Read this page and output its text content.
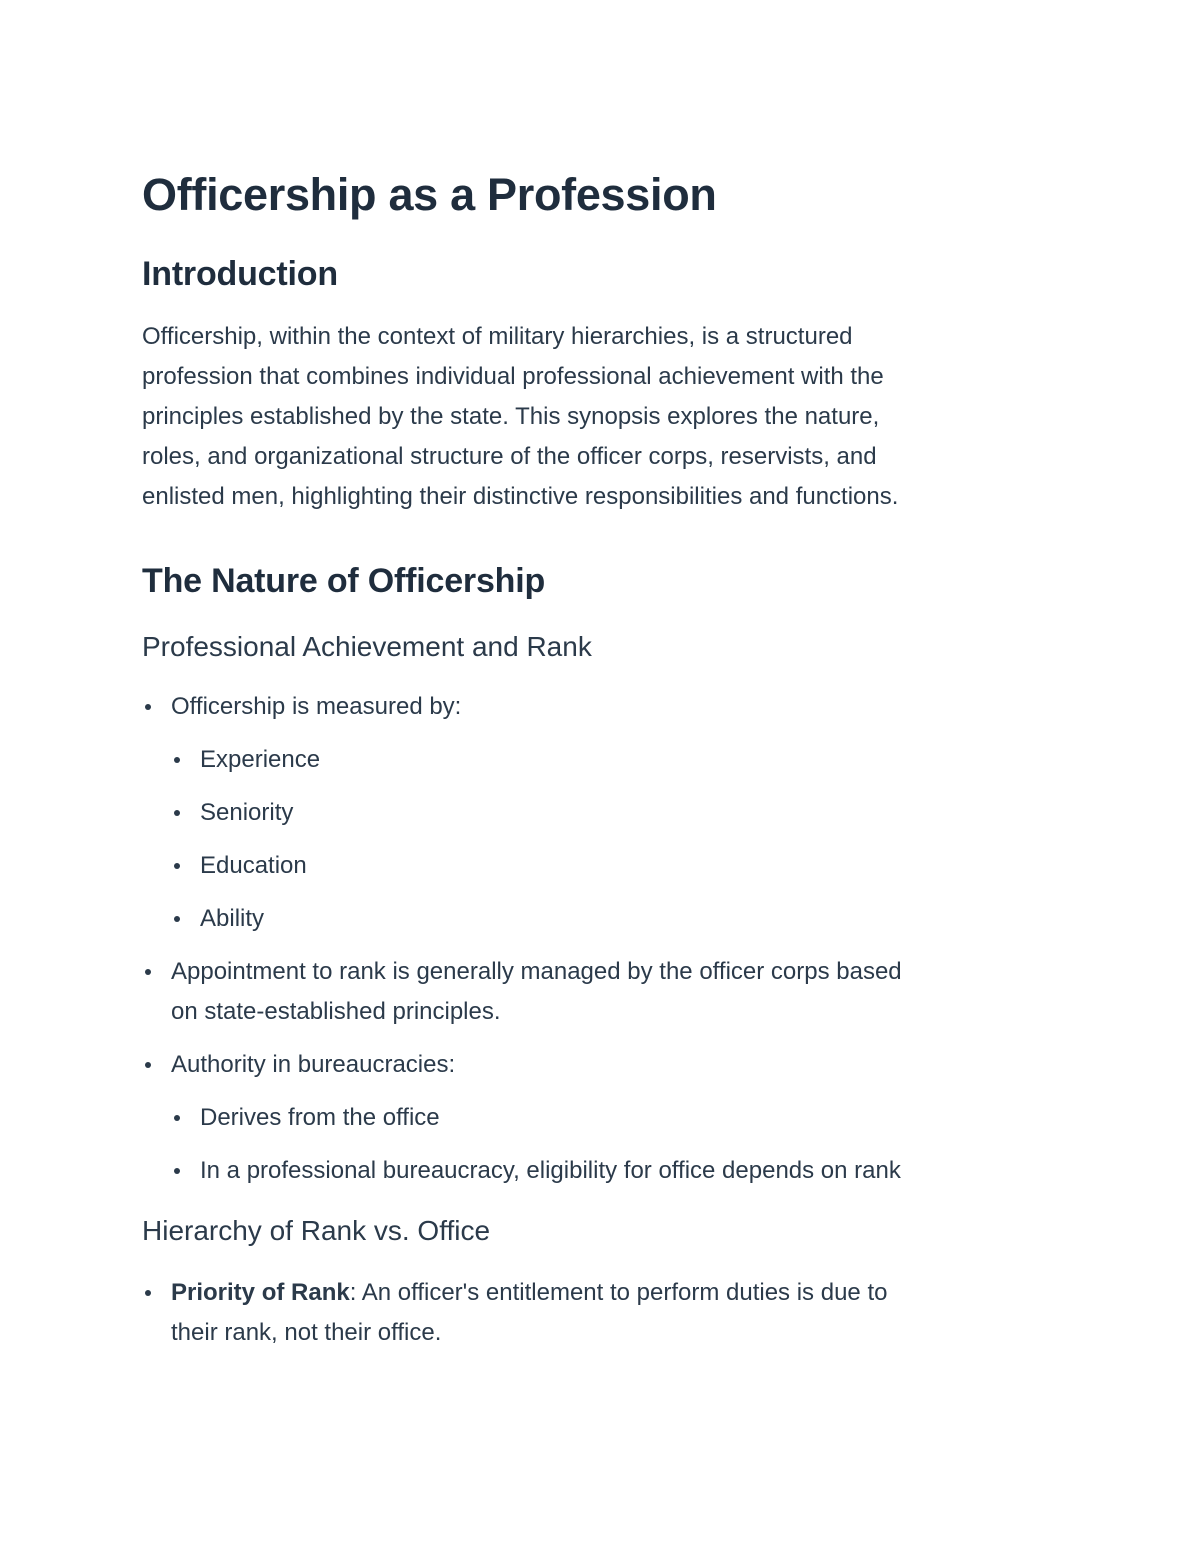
Officership as a Profession
Introduction

Officership, within the context of military hierarchies, is a structured
profession that combines individual professional achievement with the
principles established by the state. This synopsis explores the nature,
roles, and organizational structure of the officer corps, reservists, and
enlisted men, highlighting their distinctive responsibilities and functions.

The Nature of Officership
Professional Achievement and Rank
Officership is measured by:
Experience
Seniority
Education
Ability
Appointment to rank is generally managed by the officer corps based
on state-established principles.
Authority in bureaucracies:
Derives from the office
In a professional bureaucracy, eligibility for office depends on rank
Hierarchy of Rank vs. Office
Priority of Rank: An officer's entitlement to perform duties is due to
their rank, not their office.
